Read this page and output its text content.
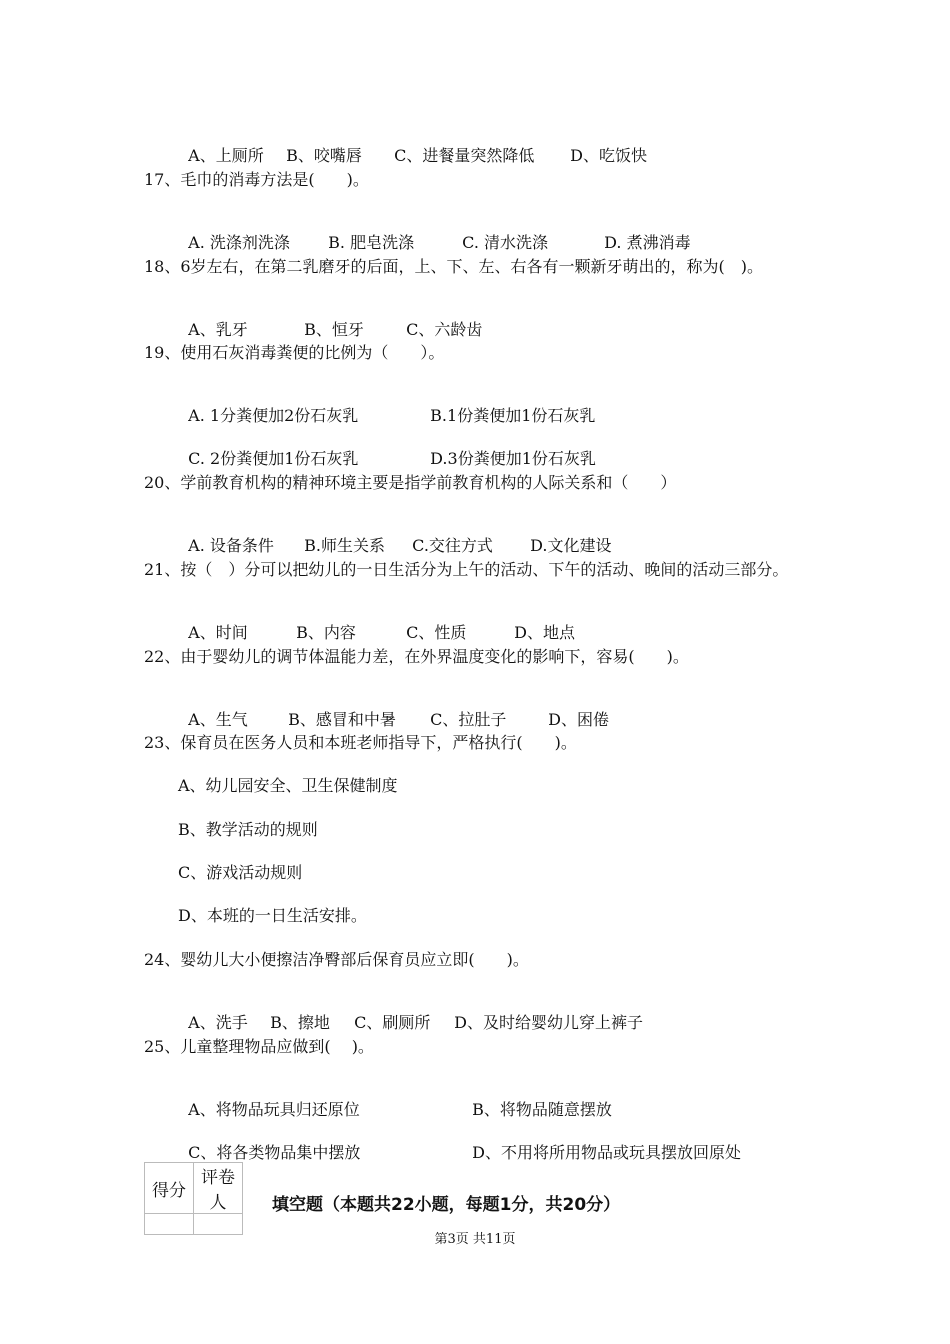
A、上厕所 B、咬嘴唇 C、进餐量突然降低 D、吃饭快

17、毛巾的消毒方法是(　　)。

A. 洗涤剂洗涤 B. 肥皂洗涤	C. 清水洗涤	D. 煮沸消毒

18、6岁左右，在第二乳磨牙的后面，上、下、左、右各有一颗新牙萌出的，称为(　)。

A、乳牙	B、恒牙	C、六龄齿

19、使用石灰消毒粪便的比例为（　　）。

A. 1分粪便加2份石灰乳	B.1份粪便加1份石灰乳

C. 2份粪便加1份石灰乳	D.3份粪便加1份石灰乳

20、学前教育机构的精神环境主要是指学前教育机构的人际关系和（　　）

A. 设备条件 B.师生关系 C.交往方式 D.文化建设

21、按（　）分可以把幼儿的一日生活分为上午的活动、下午的活动、晚间的活动三部分。

A、时间	B、内容	C、性质	D、地点

22、由于婴幼儿的调节体温能力差，在外界温度变化的影响下，容易(　　)。

A、生气	B、感冒和中暑 C、拉肚子	D、困倦

23、保育员在医务人员和本班老师指导下，严格执行(　　)。
A、幼儿园安全、卫生保健制度
B、教学活动的规则
C、游戏活动规则
D、本班的一日生活安排。
24、婴幼儿大小便擦洁净臀部后保育员应立即(　　)。

A、洗手 B、擦地 C、刷厕所 D、及时给婴幼儿穿上裤子

25、儿童整理物品应做到(　 )。

A、将物品玩具归还原位	B、将物品随意摆放

C、将各类物品集中摆放	D、不用将所用物品或玩具摆放回原处

得分	评卷人
		填空题（本题共22小题，每题1分，共20分）
第3页 共11页
